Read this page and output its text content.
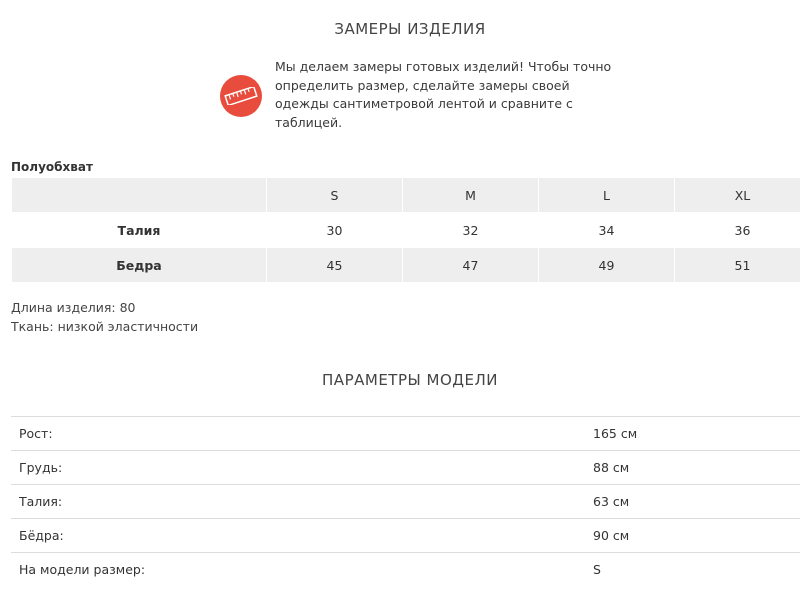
ЗАМЕРЫ ИЗДЕЛИЯ

Мы делаем замеры готовых изделий! Чтобы точно определить размер, сделайте замеры своей одежды сантиметровой лентой и сравните с таблицей.

Полуобхват
	S	M	L	XL
Талия	30	32	34	36
Бедра	45	47	49	51
Длина изделия: 80
Ткань: низкой эластичности
ПАРАМЕТРЫ МОДЕЛИ
Рост:	165 см
Грудь:	88 см
Талия:	63 см
Бёдра:	90 см
На модели размер:	S
